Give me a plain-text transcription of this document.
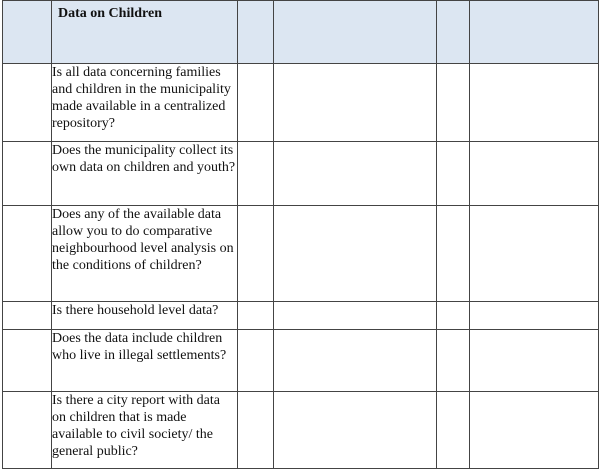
	Data on Children				
	Is all data concerning families and children in the municipality made available in a centralized repository?				
	Does the municipality collect its own data on children and youth?				
	Does any of the available data allow you to do comparative neighbourhood level analysis on the conditions of children?				
	Is there household level data?				
	Does the data include children who live in illegal settlements?				
	Is there a city report with data on children that is made available to civil society/ the general public?				
